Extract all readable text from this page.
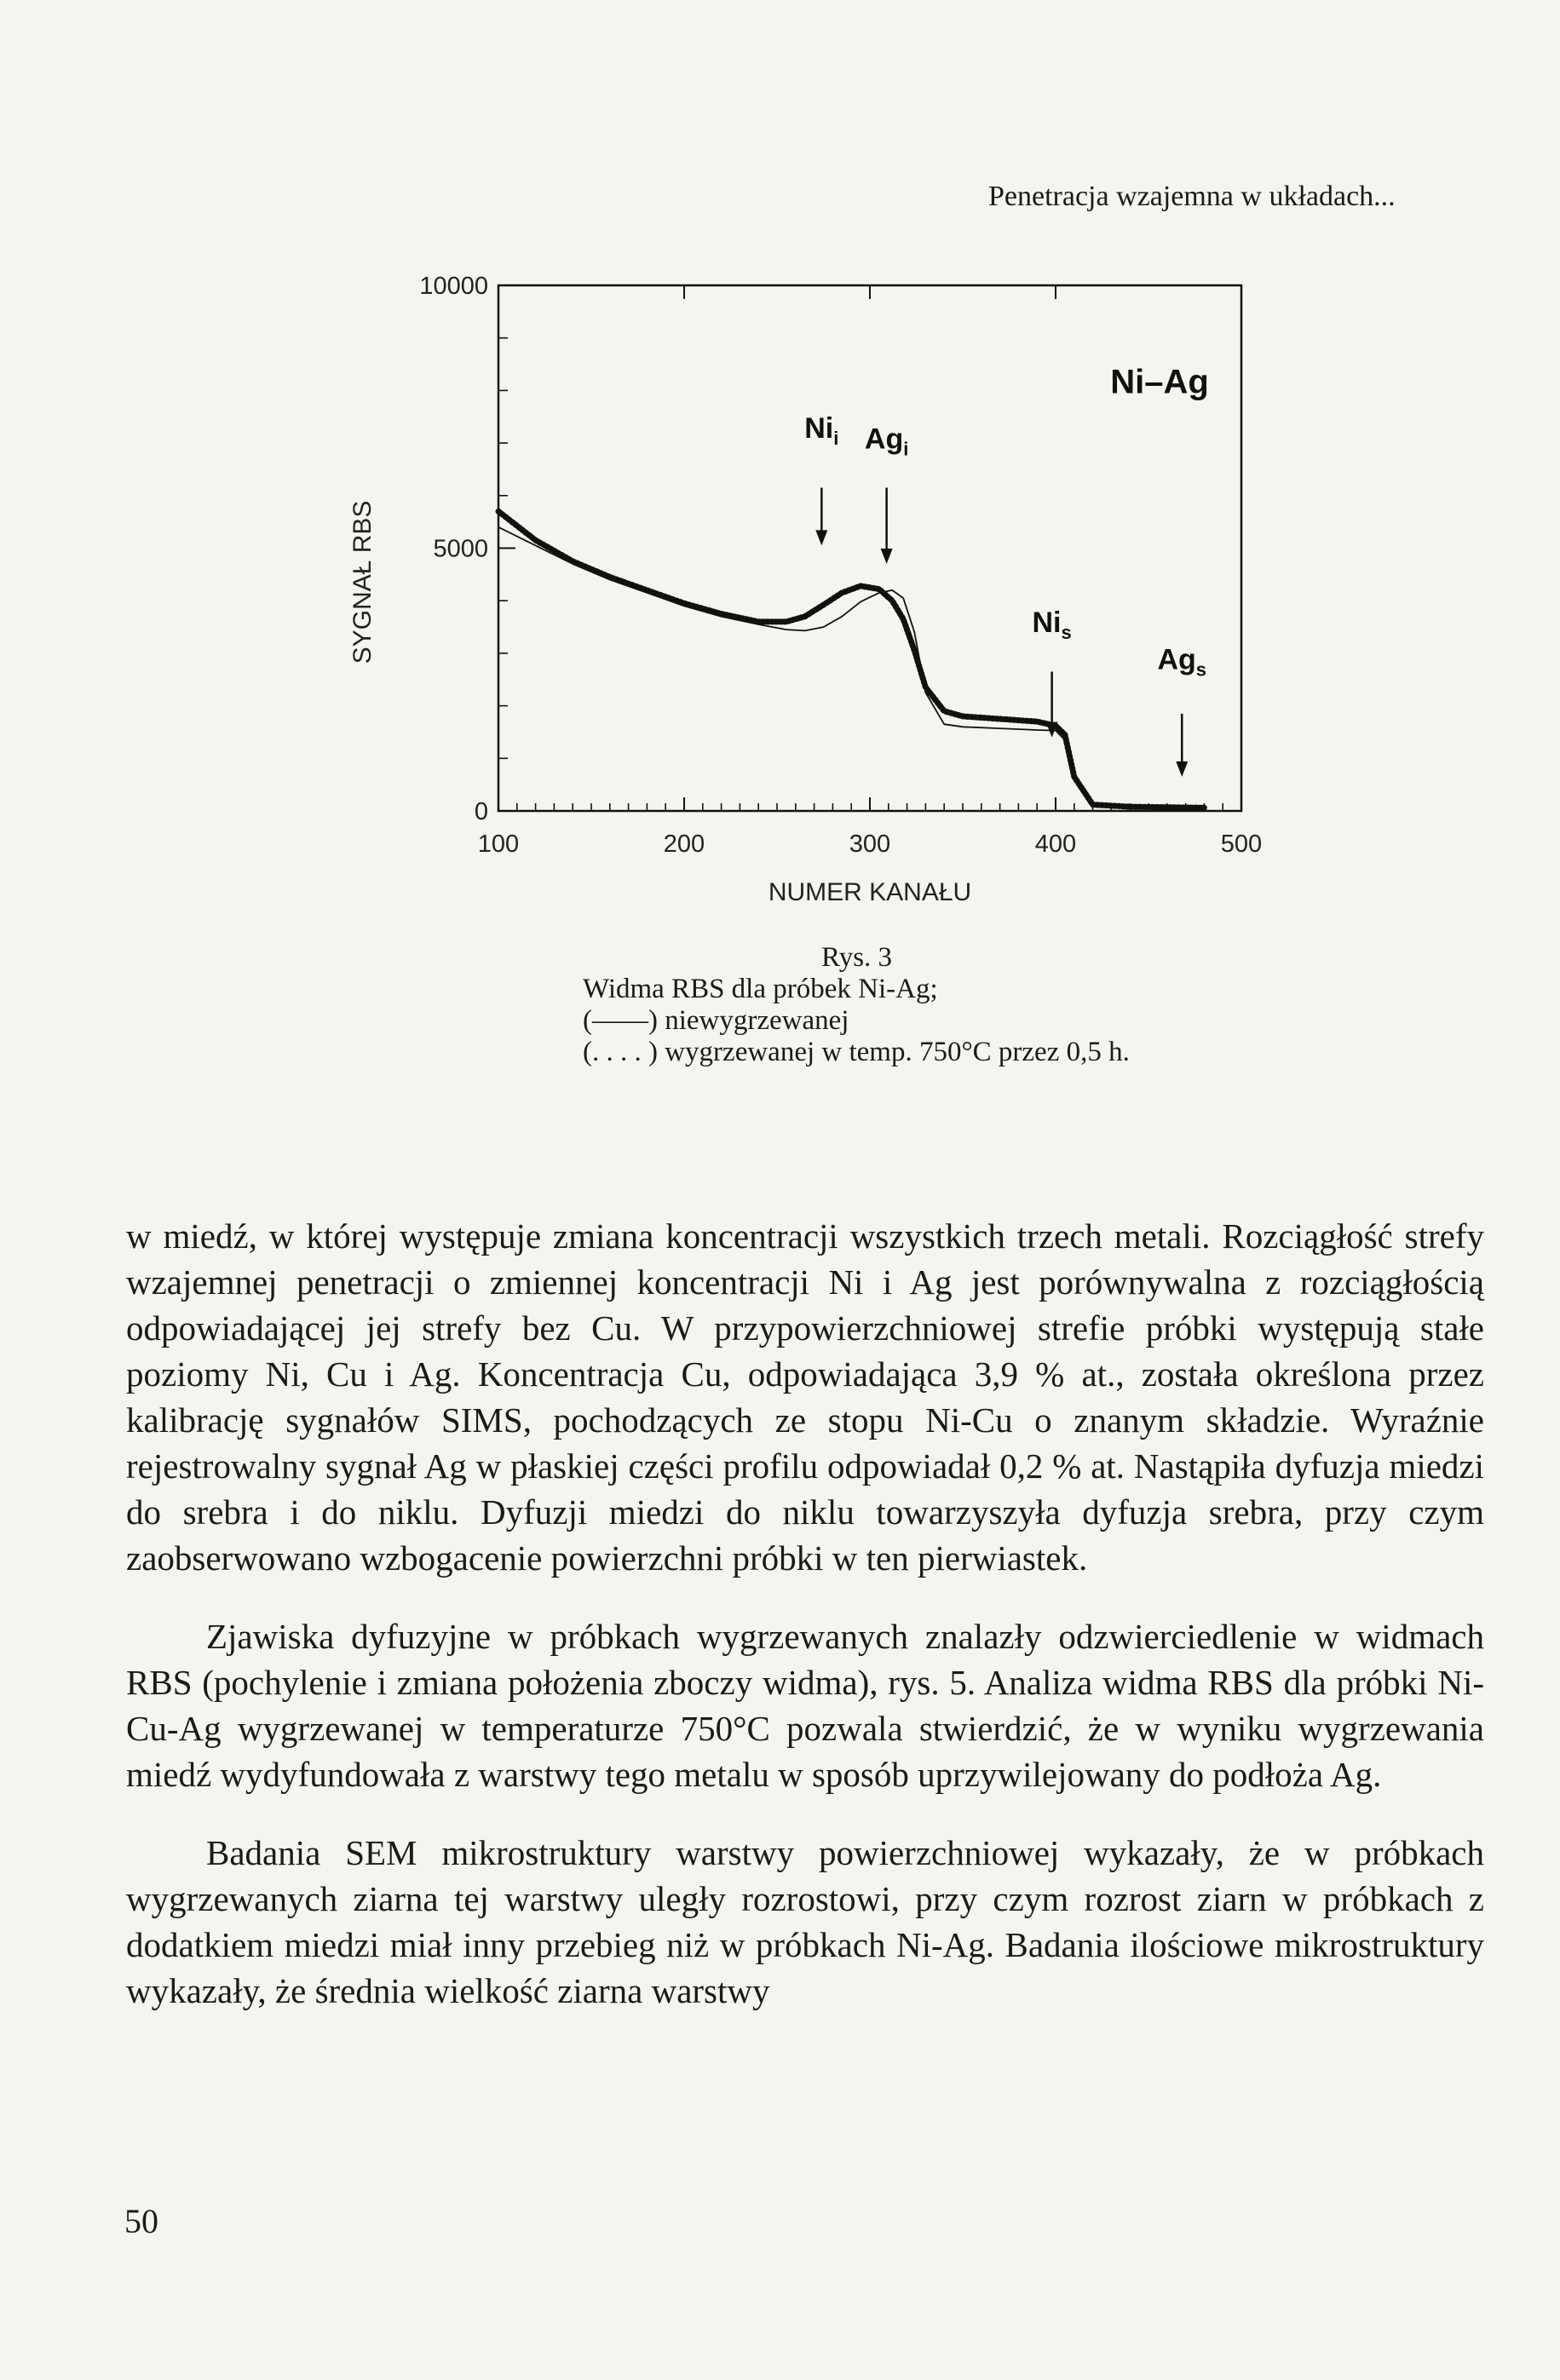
Penetracja wzajemna w układach...
100	200	300	400	500
0
5000
10000
$Ni_i$ $Ag_i$
$Ni_s$
$Ag_s$
Ni–Ag
NUMER KANAŁU
SYGNAŁ RBS
Rys. 3
Widma RBS dla próbek Ni-Ag;
(——) niewygrzewanej
(. . . . ) wygrzewanej w temp. 750°C przez 0,5 h.

w miedź, w której występuje zmiana koncentracji wszystkich trzech metali. Rozciągłość strefy wzajemnej penetracji o zmiennej koncentracji Ni i Ag jest porównywalna z rozciągłością odpowiadającej jej strefy bez Cu. W przypowierzchniowej strefie próbki występują stałe poziomy Ni, Cu i Ag. Koncentracja Cu, odpowiadająca 3,9 % at., została określona przez kalibrację sygnałów SIMS, pochodzących ze stopu Ni-Cu o znanym składzie. Wyraźnie rejestrowalny sygnał Ag w płaskiej części profilu odpowiadał 0,2 % at. Nastąpiła dyfuzja miedzi do srebra i do niklu. Dyfuzji miedzi do niklu towarzyszyła dyfuzja srebra, przy czym zaobserwowano wzbogacenie powierzchni próbki w ten pierwiastek.

Zjawiska dyfuzyjne w próbkach wygrzewanych znalazły odzwierciedlenie w widmach RBS (pochylenie i zmiana położenia zboczy widma), rys. 5. Analiza widma RBS dla próbki Ni-Cu-Ag wygrzewanej w temperaturze 750°C pozwala stwierdzić, że w wyniku wygrzewania miedź wydyfundowała z warstwy tego metalu w sposób uprzywilejowany do podłoża Ag.

Badania SEM mikrostruktury warstwy powierzchniowej wykazały, że w próbkach wygrzewanych ziarna tej warstwy uległy rozrostowi, przy czym rozrost ziarn w próbkach z dodatkiem miedzi miał inny przebieg niż w próbkach Ni-Ag. Badania ilościowe mikrostruktury wykazały, że średnia wielkość ziarna warstwy

50
